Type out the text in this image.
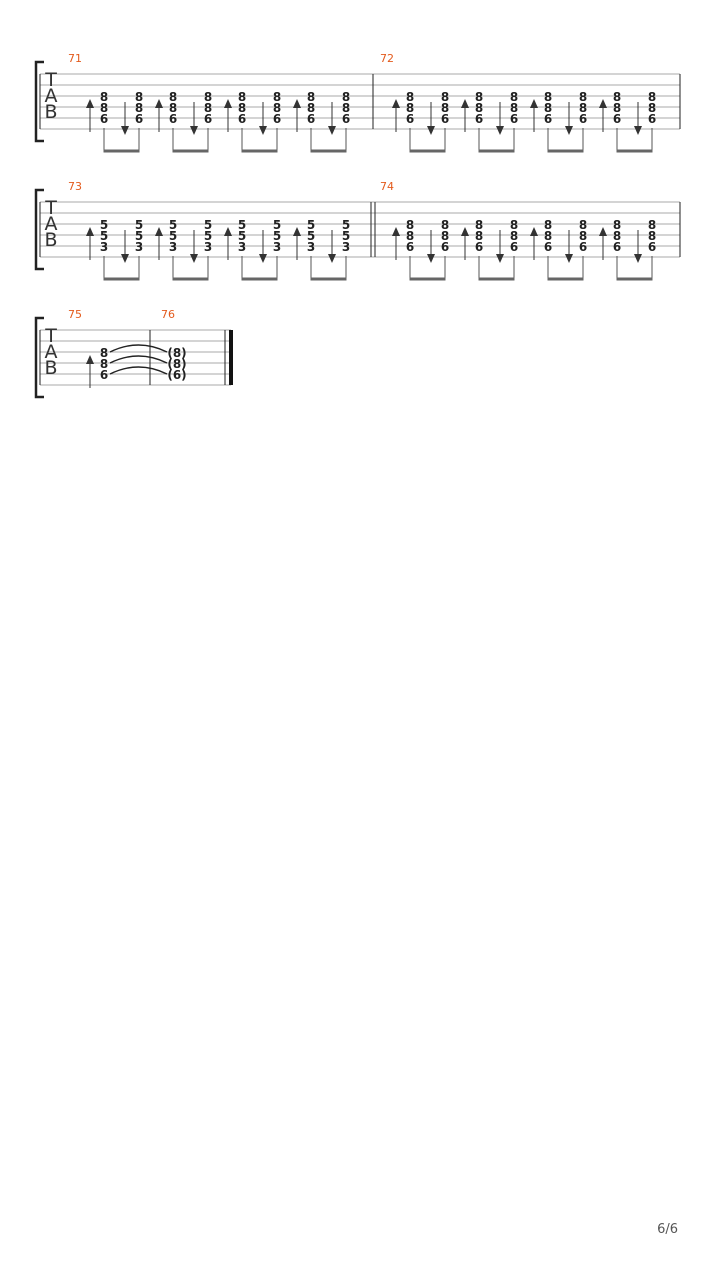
T
A
B
71
8
8
6
8
8
6
8
8
6
8
8
6
8
8
6
8
8
6
8
8
6
8
8
6
72
8
8
6
8
8
6
8
8
6
8
8
6
8
8
6
8
8
6
8
8
6
8
8
6
T
A
B
73
5
5
3
5
5
3
5
5
3
5
5
3
5
5
3
5
5
3
5
5
3
5
5
3
74
8
8
6
8
8
6
8
8
6
8
8
6
8
8
6
8
8
6
8
8
6
8
8
6
T
A
B
75
8
8
6
76
(8)
(8)
(6)
6/6
